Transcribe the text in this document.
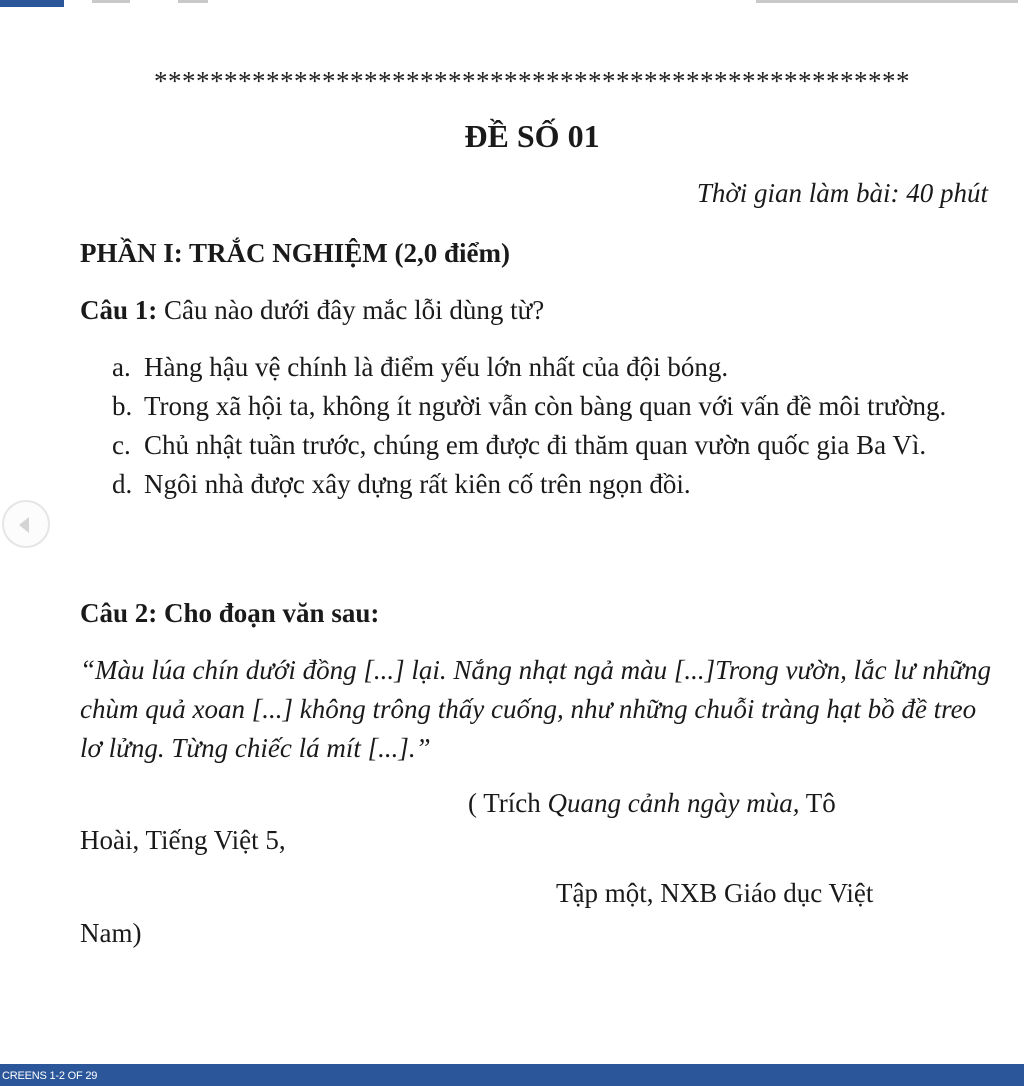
******************************************************
ĐỀ SỐ 01
Thời gian làm bài: 40 phút
PHẦN I: TRẮC NGHIỆM (2,0 điểm)
Câu 1: Câu nào dưới đây mắc lỗi dùng từ?
a. Hàng hậu vệ chính là điểm yếu lớn nhất của đội bóng.
b. Trong xã hội ta, không ít người vẫn còn bàng quan với vấn đề môi trường.
c. Chủ nhật tuần trước, chúng em được đi thăm quan vườn quốc gia Ba Vì.
d. Ngôi nhà được xây dựng rất kiên cố trên ngọn đồi.
Câu 2: Cho đoạn văn sau:
“Màu lúa chín dưới đồng [...] lại. Nắng nhạt ngả màu [...]Trong vườn, lắc lư những chùm quả xoan [...] không trông thấy cuống, như những chuỗi tràng hạt bồ đề treo lơ lửng. Từng chiếc lá mít [...].”
( Trích Quang cảnh ngày mùa, Tô
Hoài, Tiếng Việt 5,
Tập một, NXB Giáo dục Việt
Nam)
CREENS 1-2 OF 29
